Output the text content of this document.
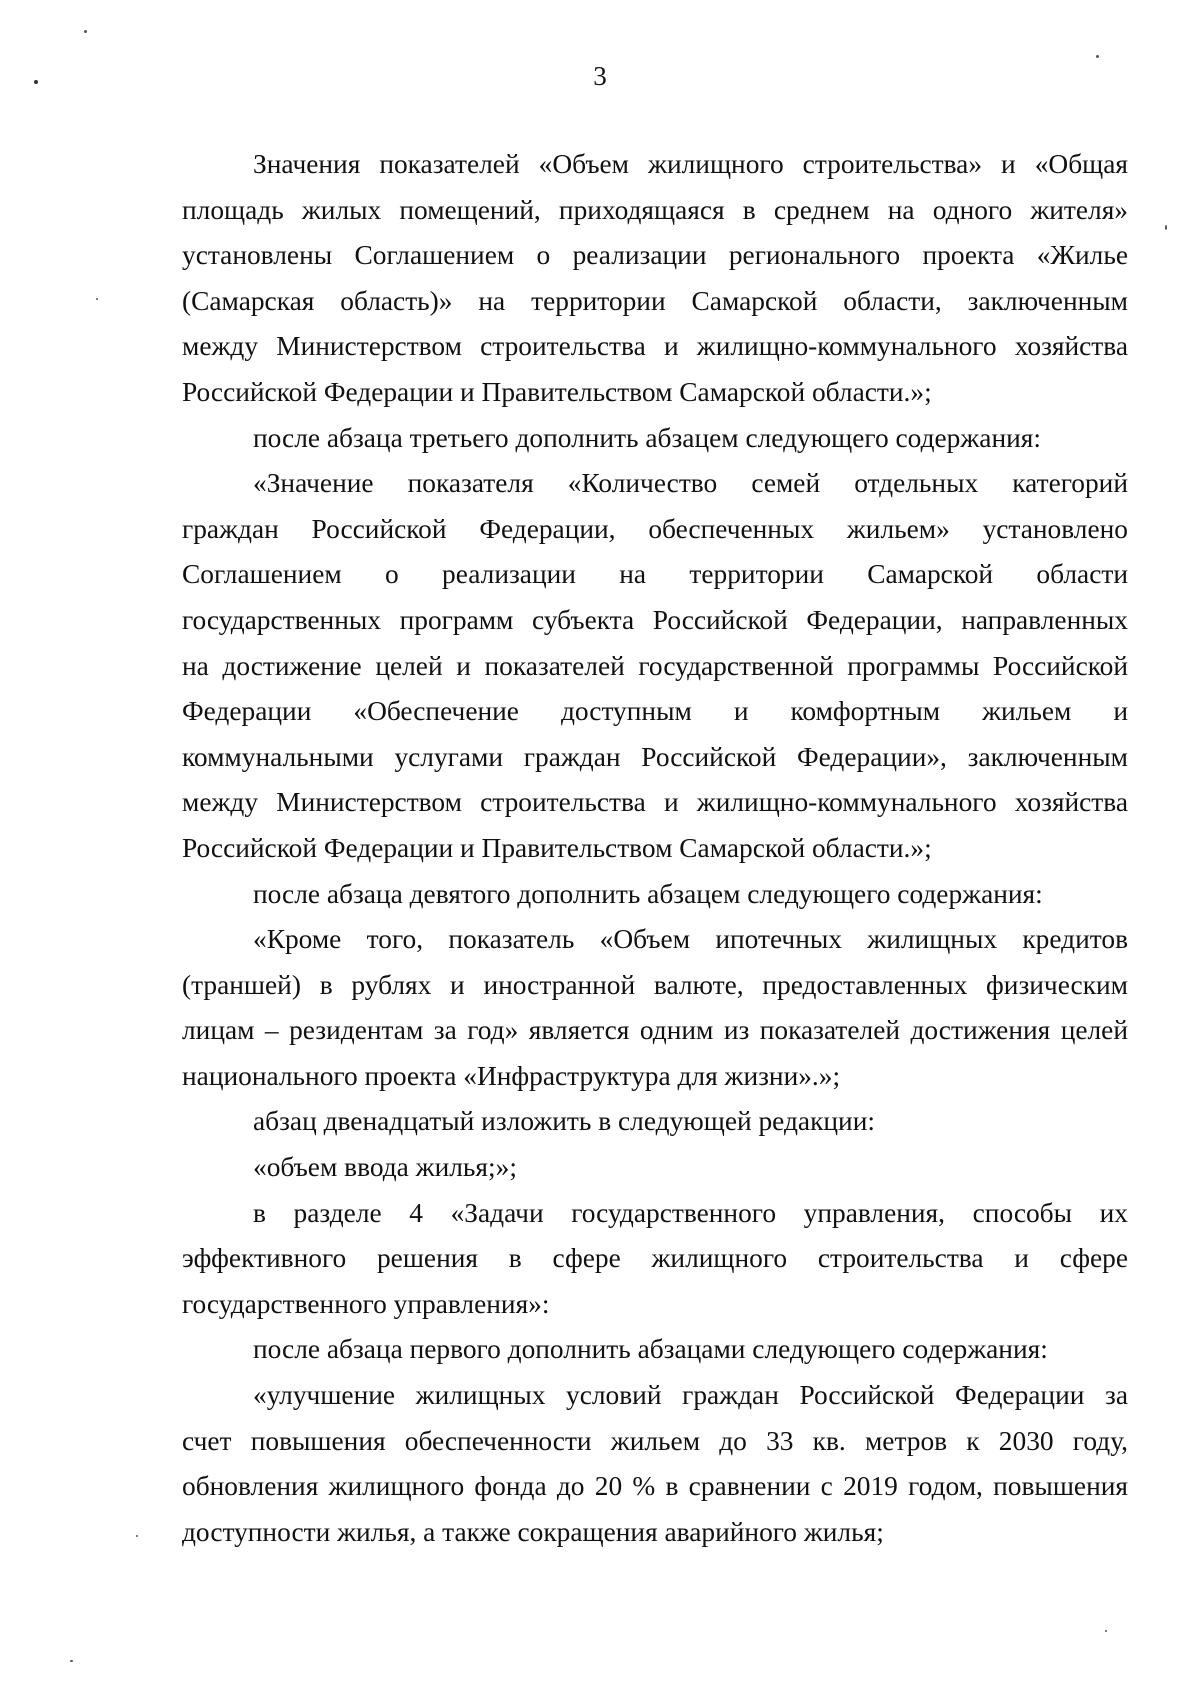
3
Значения показателей «Объем жилищного строительства» и «Общая
площадь жилых помещений, приходящаяся в среднем на одного жителя»
установлены Соглашением о реализации регионального проекта «Жилье
(Самарская область)» на территории Самарской области, заключенным
между Министерством строительства и жилищно-коммунального хозяйства
Российской Федерации и Правительством Самарской области.»;
после абзаца третьего дополнить абзацем следующего содержания:
«Значение показателя «Количество семей отдельных категорий
граждан Российской Федерации, обеспеченных жильем» установлено
Соглашением о реализации на территории Самарской области
государственных программ субъекта Российской Федерации, направленных
на достижение целей и показателей государственной программы Российской
Федерации «Обеспечение доступным и комфортным жильем и
коммунальными услугами граждан Российской Федерации», заключенным
между Министерством строительства и жилищно-коммунального хозяйства
Российской Федерации и Правительством Самарской области.»;
после абзаца девятого дополнить абзацем следующего содержания:
«Кроме того, показатель «Объем ипотечных жилищных кредитов
(траншей) в рублях и иностранной валюте, предоставленных физическим
лицам – резидентам за год» является одним из показателей достижения целей
национального проекта «Инфраструктура для жизни».»;
абзац двенадцатый изложить в следующей редакции:
«объем ввода жилья;»;
в разделе 4 «Задачи государственного управления, способы их
эффективного решения в сфере жилищного строительства и сфере
государственного управления»:
после абзаца первого дополнить абзацами следующего содержания:
«улучшение жилищных условий граждан Российской Федерации за
счет повышения обеспеченности жильем до 33 кв. метров к 2030 году,
обновления жилищного фонда до 20 % в сравнении с 2019 годом, повышения
доступности жилья, а также сокращения аварийного жилья;
